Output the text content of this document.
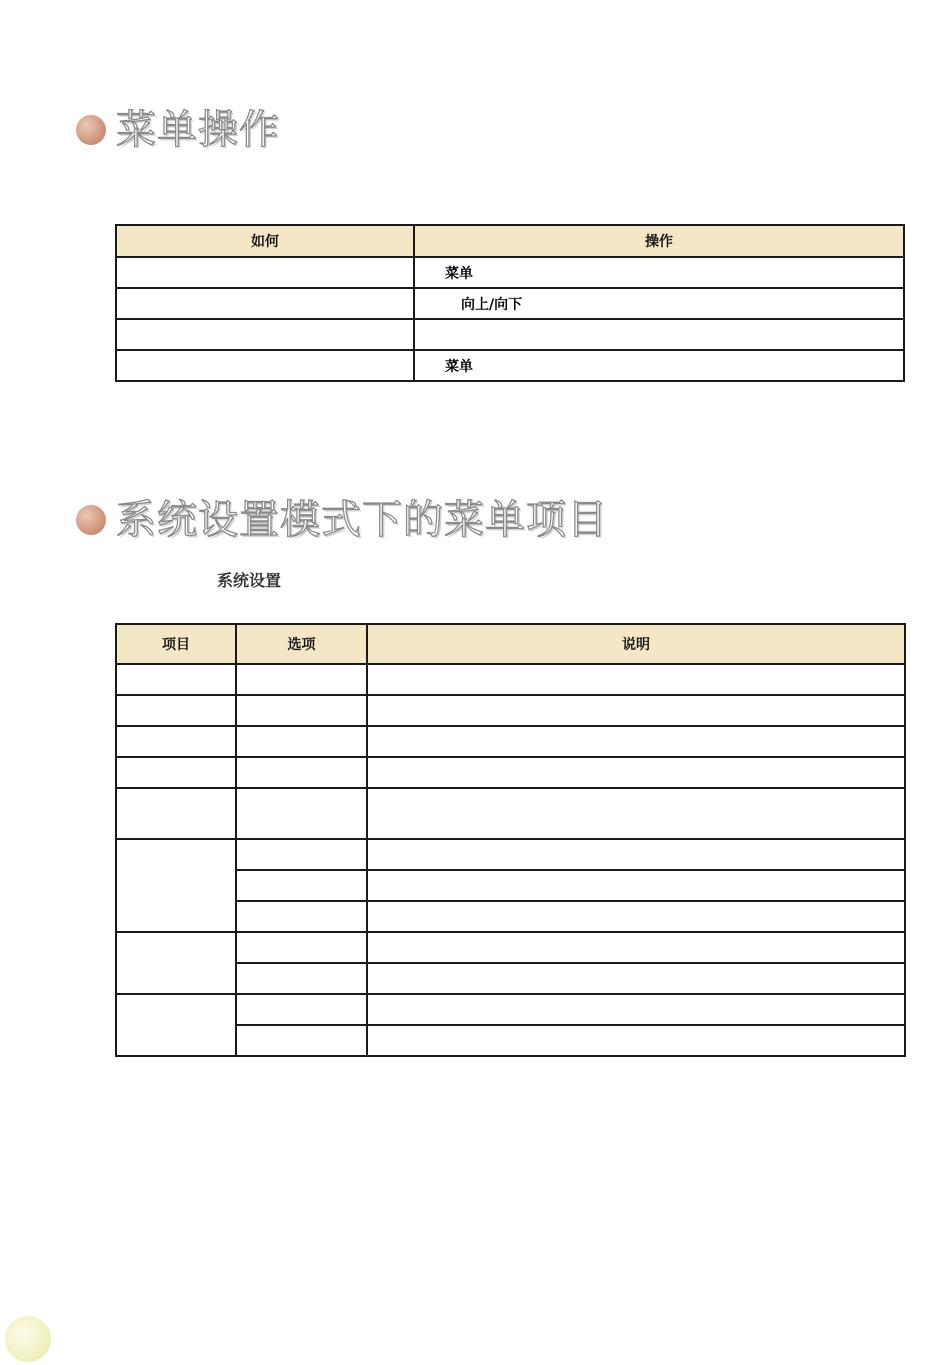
菜单操作
如何	操作
	菜单
	向上/向下

	菜单
系统设置模式下的菜单项目
系统设置
项目	选项	说明
